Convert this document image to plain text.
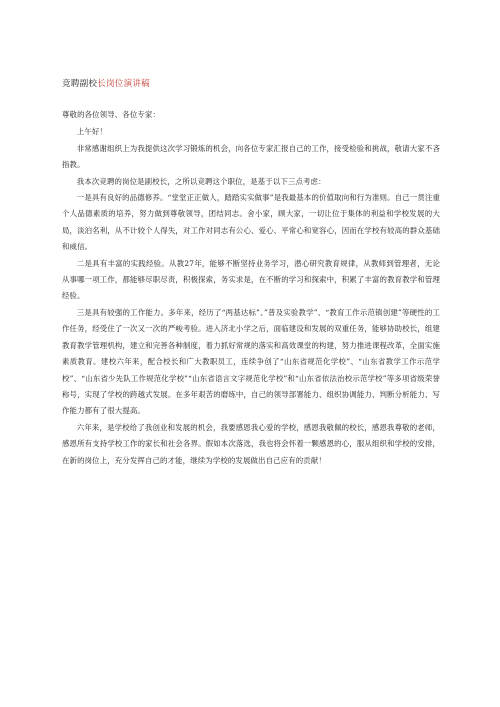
竞聘副校长岗位演讲稿

尊敬的各位领导、各位专家：

上午好！

非常感谢组织上为我提供这次学习锻炼的机会，向各位专家汇报自己的工作，接受检验和挑战，敬请大家不吝指教。

我本次竞聘的岗位是副校长，之所以竞聘这个职位，是基于以下三点考虑：

一是具有良好的品德修养。“堂堂正正做人，踏踏实实做事”是我最基本的价值取向和行为准则。自己一贯注重个人品德素质的培养，努力做到尊敬领导，团结同志。舍小家，顾大家，一切让位于集体的利益和学校发展的大局，淡泊名利，从不计较个人得失，对工作对同志有公心、爱心、平常心和宽容心，因而在学校有较高的群众基础和威信。

二是具有丰富的实践经验。从教27年，能够不断坚持业务学习，潜心研究教育规律，从教师到管理者，无论从事哪一项工作，都能够尽职尽责，积极探索，务实求是，在不断的学习和探索中，积累了丰富的教育教学和管理经验。

三是具有较强的工作能力。多年来，经历了“两基达标”、”普及实验教学”、“教育工作示范镇创建”等硬性的工作任务，经受住了一次又一次的严峻考验。进入济北小学之后，面临建设和发展的双重任务，能够协助校长，组建教育教学管理机构，建立和完善各种制度，着力抓好常规的落实和高效课堂的构建，努力推进课程改革，全面实施素质教育。建校六年来，配合校长和广大教职员工，连续争创了“山东省规范化学校”、“山东省教学工作示范学校”、“山东省少先队工作规范化学校”“山东省语言文字规范化学校”和“山东省依法治校示范学校”等多项省级荣誉称号，实现了学校的跨越式发展。在多年艰苦的磨练中，自己的领导部署能力、组织协调能力、判断分析能力、写作能力都有了很大提高。

六年来，是学校给了我创业和发展的机会，我要感恩我心爱的学校，感恩我敬佩的校长，感恩我尊敬的老师，感恩所有支持学校工作的家长和社会各界。假如本次落选，我也将会怀着一颗感恩的心，服从组织和学校的安排，在新的岗位上，充分发挥自己的才能，继续为学校的发展做出自己应有的贡献！
